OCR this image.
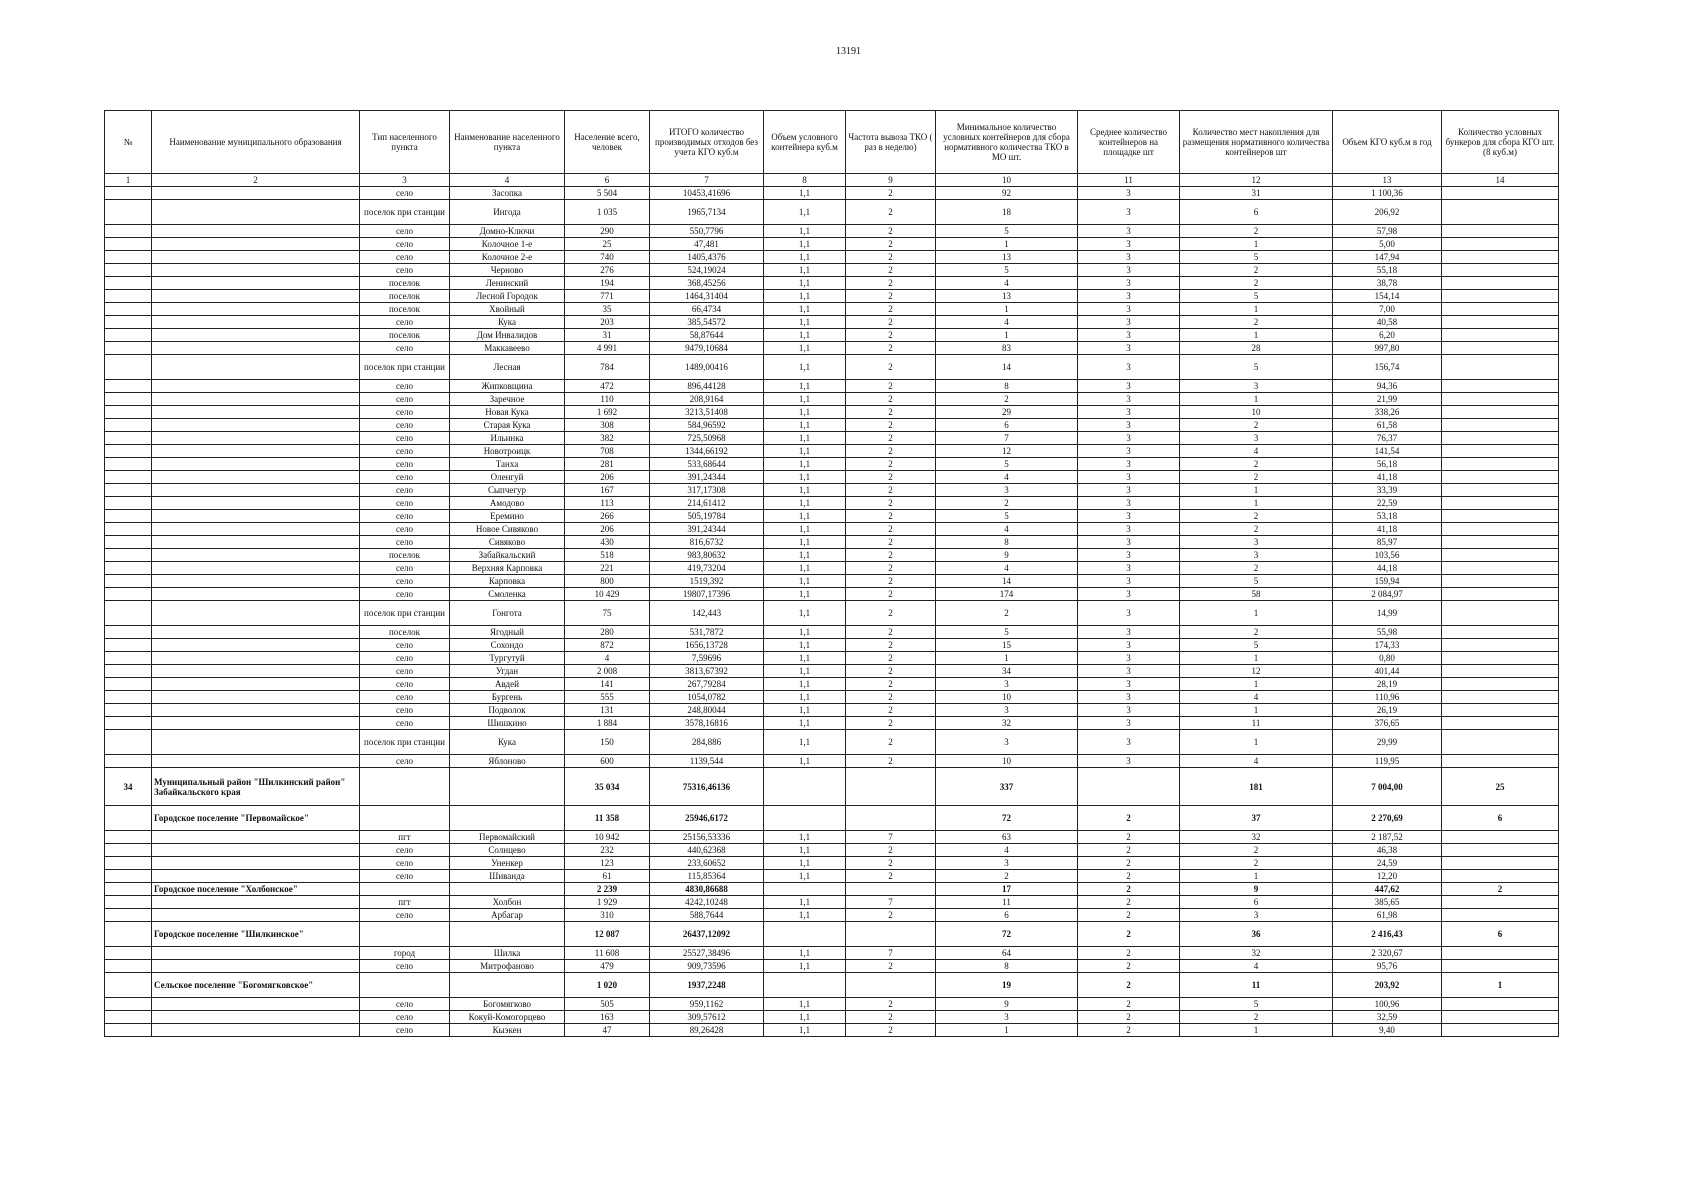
13191
№	Наименование муниципального образования	Тип населенного пункта	Наименование населенного пункта	Население всего, человек	ИТОГО количество производимых отходов без учета КГО куб.м	Объем условного контейнера куб.м	Частота вывоза ТКО ( раз в неделю)	Минимальное количество условных контейнеров для сбора нормативного количества ТКО в МО шт.	Среднее количество контейнеров на площадке шт	Количество мест накопления для размещения нормативного количества контейнеров шт	Объем КГО куб.м в год	Количество условных бункеров для сбора КГО шт. (8 куб.м)
1	2	3	4	6	7	8	9	10	11	12	13	14
		село	Засопка	5 504	10453,41696	1,1	2	92	3	31	1 100,36	
		поселок при станции	Ингода	1 035	1965,7134	1,1	2	18	3	6	206,92	
		село	Домно-Ключи	290	550,7796	1,1	2	5	3	2	57,98	
		село	Колочное 1-е	25	47,481	1,1	2	1	3	1	5,00	
		село	Колочное 2-е	740	1405,4376	1,1	2	13	3	5	147,94	
		село	Черново	276	524,19024	1,1	2	5	3	2	55,18	
		поселок	Ленинский	194	368,45256	1,1	2	4	3	2	38,78	
		поселок	Лесной Городок	771	1464,31404	1,1	2	13	3	5	154,14	
		поселок	Хвойный	35	66,4734	1,1	2	1	3	1	7,00	
		село	Кука	203	385,54572	1,1	2	4	3	2	40,58	
		поселок	Дом Инвалидов	31	58,87644	1,1	2	1	3	1	6,20	
		село	Маккавеево	4 991	9479,10684	1,1	2	83	3	28	997,80	
		поселок при станции	Лесная	784	1489,00416	1,1	2	14	3	5	156,74	
		село	Жипковщина	472	896,44128	1,1	2	8	3	3	94,36	
		село	Заречное	110	208,9164	1,1	2	2	3	1	21,99	
		село	Новая Кука	1 692	3213,51408	1,1	2	29	3	10	338,26	
		село	Старая Кука	308	584,96592	1,1	2	6	3	2	61,58	
		село	Ильинка	382	725,50968	1,1	2	7	3	3	76,37	
		село	Новотроицк	708	1344,66192	1,1	2	12	3	4	141,54	
		село	Танха	281	533,68644	1,1	2	5	3	2	56,18	
		село	Оленгуй	206	391,24344	1,1	2	4	3	2	41,18	
		село	Сыпчегур	167	317,17308	1,1	2	3	3	1	33,39	
		село	Амодово	113	214,61412	1,1	2	2	3	1	22,59	
		село	Еремино	266	505,19784	1,1	2	5	3	2	53,18	
		село	Новое Сивяково	206	391,24344	1,1	2	4	3	2	41,18	
		село	Сивяково	430	816,6732	1,1	2	8	3	3	85,97	
		поселок	Забайкальский	518	983,80632	1,1	2	9	3	3	103,56	
		село	Верхняя Карповка	221	419,73204	1,1	2	4	3	2	44,18	
		село	Карповка	800	1519,392	1,1	2	14	3	5	159,94	
		село	Смоленка	10 429	19807,17396	1,1	2	174	3	58	2 084,97	
		поселок при станции	Гонгота	75	142,443	1,1	2	2	3	1	14,99	
		поселок	Ягодный	280	531,7872	1,1	2	5	3	2	55,98	
		село	Сохондо	872	1656,13728	1,1	2	15	3	5	174,33	
		село	Тургутуй	4	7,59696	1,1	2	1	3	1	0,80	
		село	Угдан	2 008	3813,67392	1,1	2	34	3	12	401,44	
		село	Авдей	141	267,79284	1,1	2	3	3	1	28,19	
		село	Бургень	555	1054,0782	1,1	2	10	3	4	110,96	
		село	Подволок	131	248,80044	1,1	2	3	3	1	26,19	
		село	Шишкино	1 884	3578,16816	1,1	2	32	3	11	376,65	
		поселок при станции	Кука	150	284,886	1,1	2	3	3	1	29,99	
		село	Яблоново	600	1139,544	1,1	2	10	3	4	119,95	
34	Муниципальный район "Шилкинский район" Забайкальского края			35 034	75316,46136			337		181	7 004,00	25
	Городское поселение "Первомайское"			11 358	25946,6172			72	2	37	2 270,69	6
		пгт	Первомайский	10 942	25156,53336	1,1	7	63	2	32	2 187,52	
		село	Солнцево	232	440,62368	1,1	2	4	2	2	46,38	
		село	Уненкер	123	233,60652	1,1	2	3	2	2	24,59	
		село	Шиванда	61	115,85364	1,1	2	2	2	1	12,20	
	Городское поселение "Холбонское"			2 239	4830,86688			17	2	9	447,62	2
		пгт	Холбон	1 929	4242,10248	1,1	7	11	2	6	385,65	
		село	Арбагар	310	588,7644	1,1	2	6	2	3	61,98	
	Городское поселение "Шилкинское"			12 087	26437,12092			72	2	36	2 416,43	6
		город	Шилка	11 608	25527,38496	1,1	7	64	2	32	2 320,67	
		село	Митрофаново	479	909,73596	1,1	2	8	2	4	95,76	
	Сельское поселение "Богомягковское"			1 020	1937,2248			19	2	11	203,92	1
		село	Богомягково	505	959,1162	1,1	2	9	2	5	100,96	
		село	Кокуй-Комогорцево	163	309,57612	1,1	2	3	2	2	32,59	
		село	Кыэкен	47	89,26428	1,1	2	1	2	1	9,40	
